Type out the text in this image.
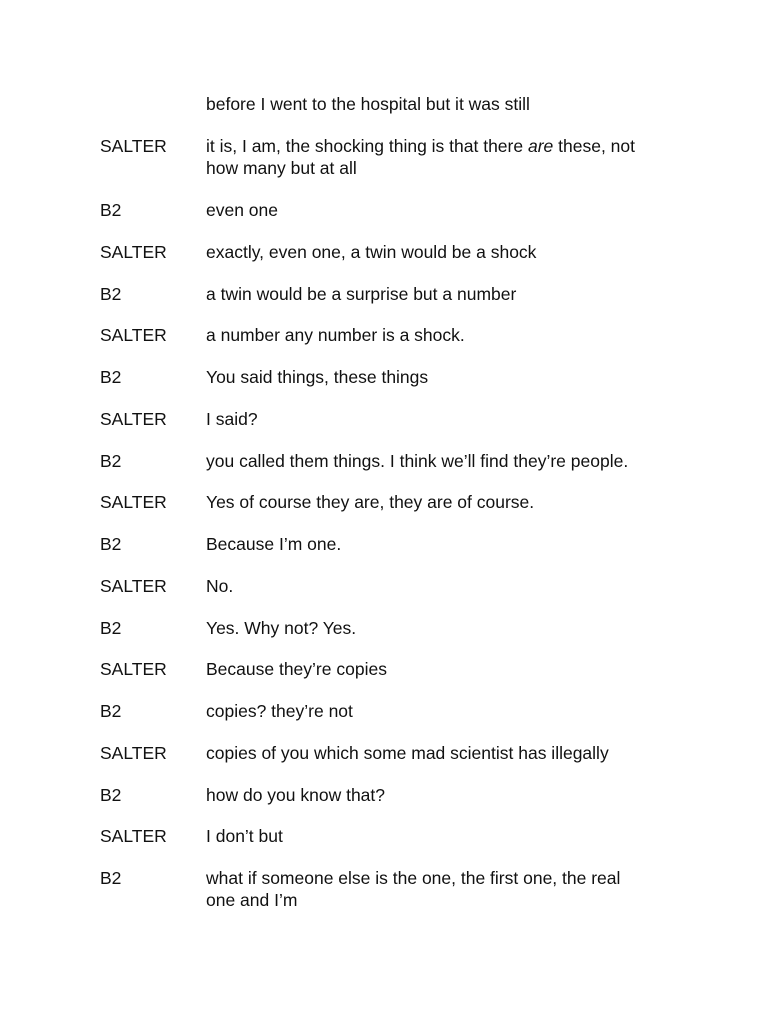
before I went to the hospital but it was still
SALTER it is, I am, the shocking thing is that there are these, not
how many but at all
B2	even one
SALTER exactly, even one, a twin would be a shock
B2	a twin would be a surprise but a number
SALTER a number any number is a shock.
B2	You said things, these things
SALTER I said?
B2	you called them things. I think we’ll find they’re people.
SALTER Yes of course they are, they are of course.
B2	Because I’m one.
SALTER No.
B2	Yes. Why not? Yes.
SALTER Because they’re copies
B2	copies? they’re not
SALTER copies of you which some mad scientist has illegally
B2	how do you know that?
SALTER I don’t but
B2	what if someone else is the one, the first one, the real
one and I’m
